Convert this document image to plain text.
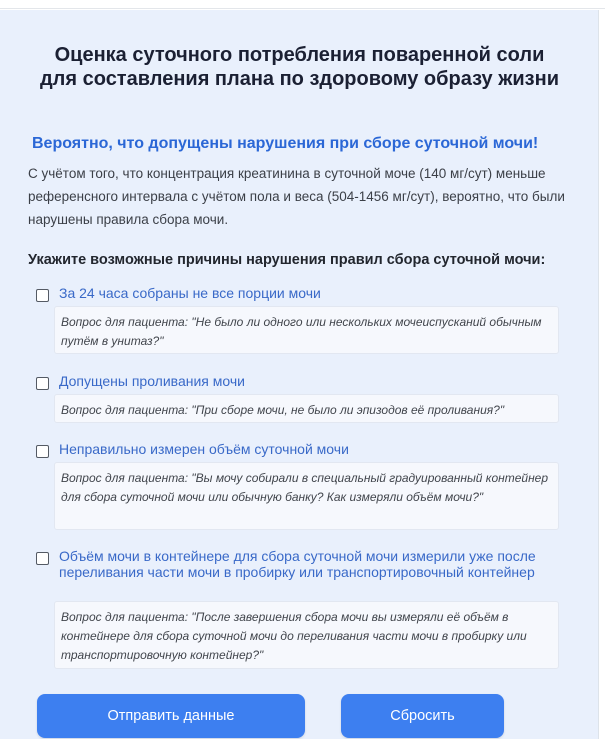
Оценка суточного потребления поваренной соли
для составления плана по здоровому образу жизни
Вероятно, что допущены нарушения при сборе суточной мочи!
С учётом того, что концентрация креатинина в суточной моче (140 мг/сут) меньше референсного интервала с учётом пола и веса (504-1456 мг/сут), вероятно, что были нарушены правила сбора мочи.
Укажите возможные причины нарушения правил сбора суточной мочи:
За 24 часа собраны не все порции мочи
Вопрос для пациента: "Не было ли одного или нескольких мочеиспусканий обычным путём в унитаз?"
Допущены проливания мочи
Вопрос для пациента: "При сборе мочи, не было ли эпизодов её проливания?"
Неправильно измерен объём суточной мочи
Вопрос для пациента: "Вы мочу собирали в специальный градуированный контейнер для сбора суточной мочи или обычную банку? Как измеряли объём мочи?"
Объём мочи в контейнере для сбора суточной мочи измерили уже после переливания части мочи в пробирку или транспортировочный контейнер
Вопрос для пациента: "После завершения сбора мочи вы измеряли её объём в контейнере для сбора суточной мочи до переливания части мочи в пробирку или транспортировочную контейнер?"
Отправить данные	Сбросить
